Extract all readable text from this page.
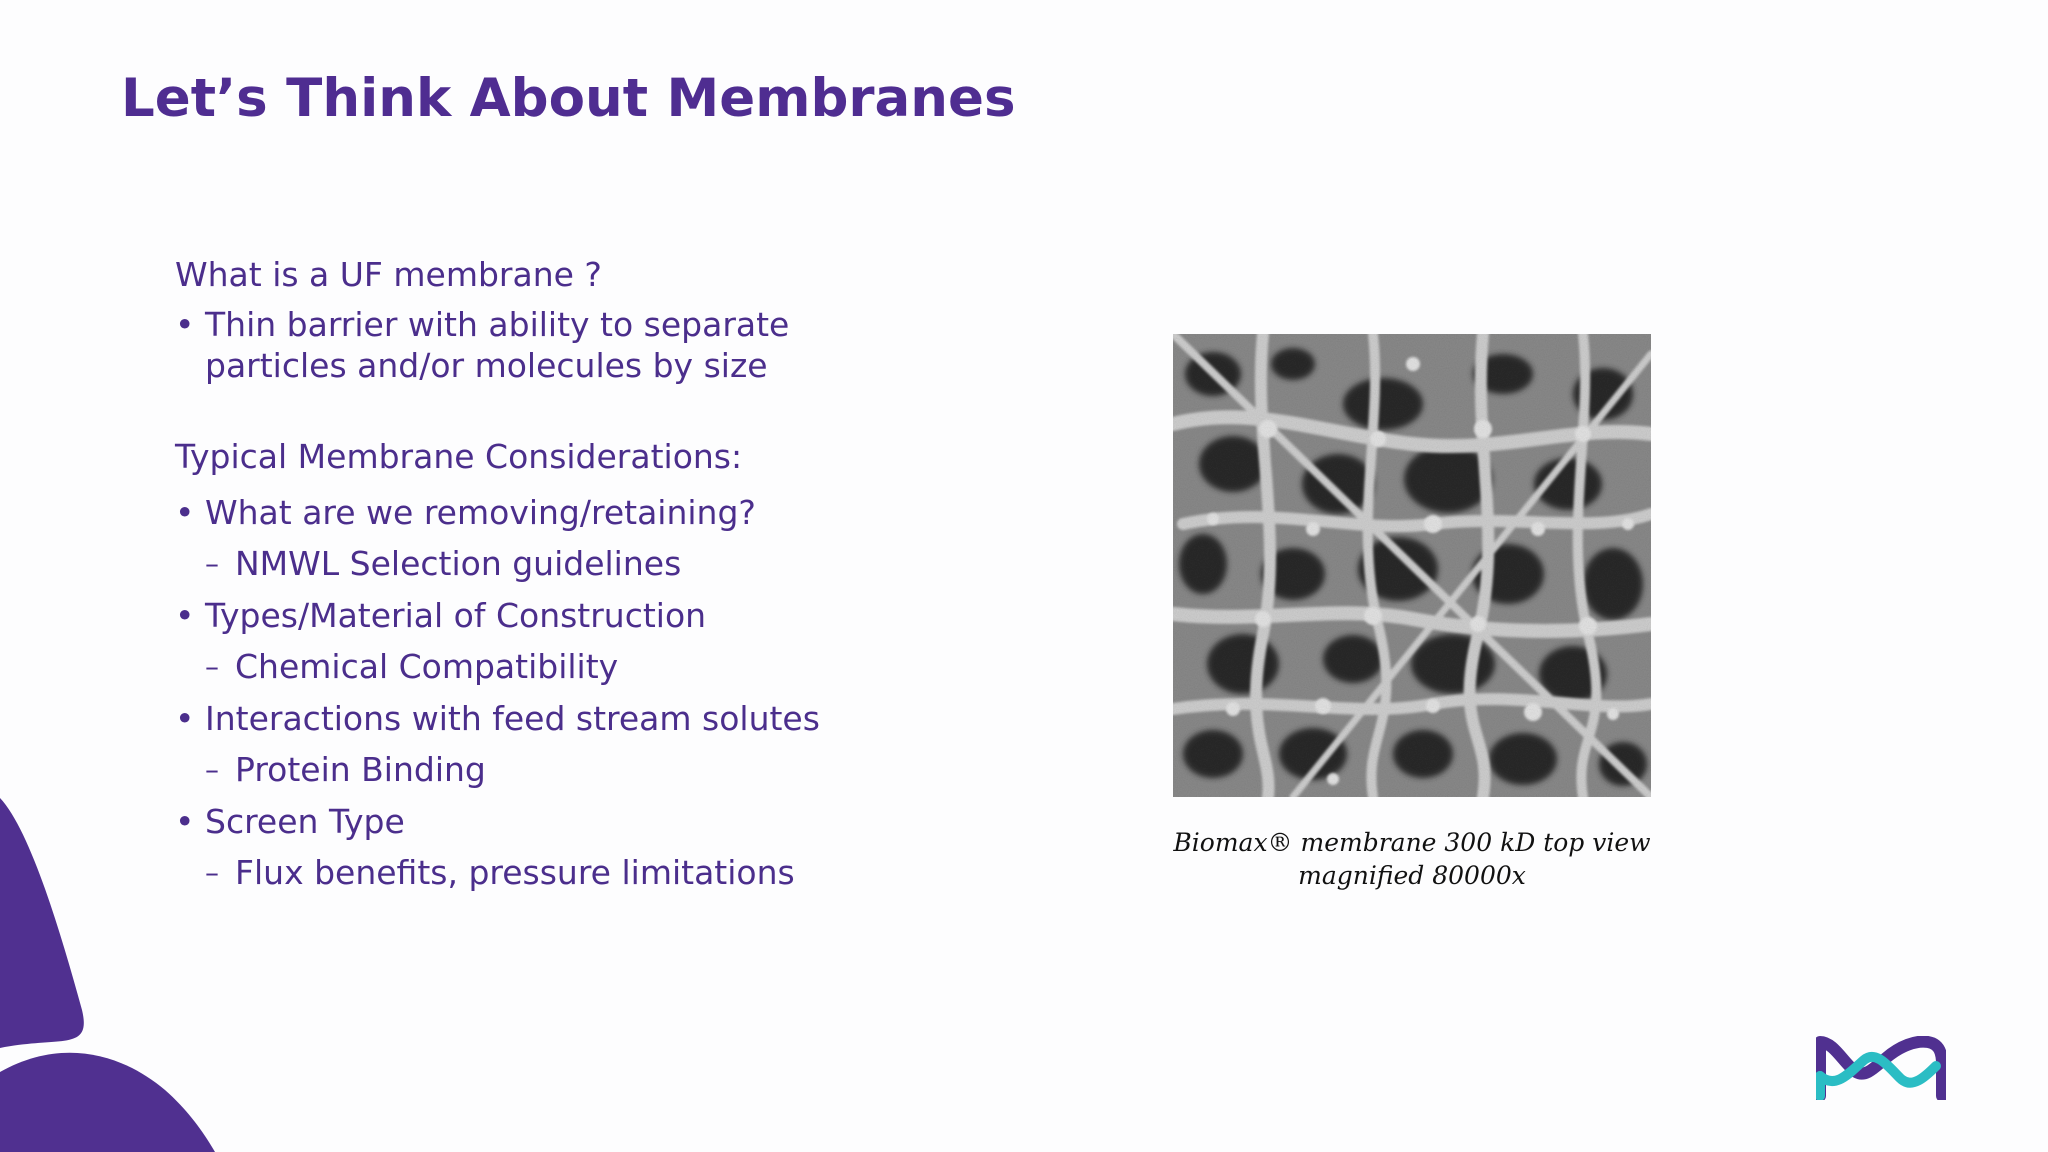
Let’s Think About Membranes
What is a UF membrane ?
• Thin barrier with ability to separate
particles and/or molecules by size
Typical Membrane Considerations:
• What are we removing/retaining?
– NMWL Selection guidelines
• Types/Material of Construction
– Chemical Compatibility
• Interactions with feed stream solutes
– Protein Binding
• Screen Type
– Flux benefits, pressure limitations
Biomax® membrane 300 kD top view
magnified 80000x
